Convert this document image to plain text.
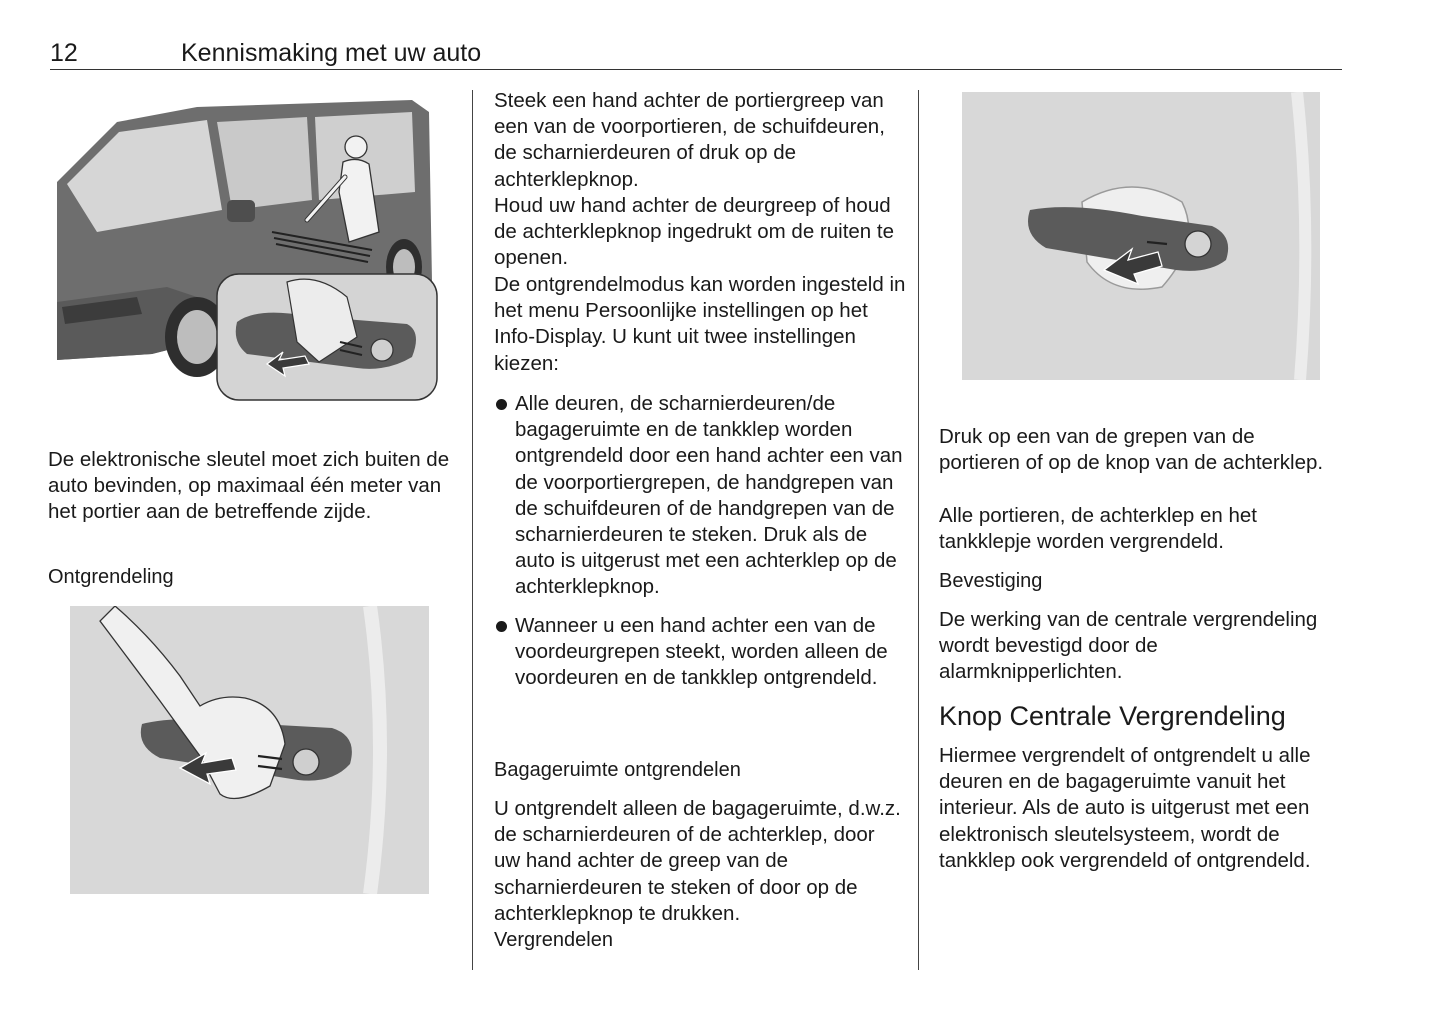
12	Kennismaking met uw auto

De elektronische sleutel moet zich buiten de auto bevinden, op maximaal één meter van het portier aan de betreffende zijde.

Ontgrendeling

Steek een hand achter de portiergreep van een van de voorportieren, de schuifdeuren, de scharnierdeuren of druk op de achterklepknop.

Houd uw hand achter de deurgreep of houd de achterklepknop ingedrukt om de ruiten te openen.

De ontgrendelmodus kan worden ingesteld in het menu Persoonlijke instellingen op het Info-Display. U kunt uit twee instellingen kiezen:

Alle deuren, de scharnierdeuren/de bagageruimte en de tankklep worden ontgrendeld door een hand achter een van de voorportiergrepen, de handgrepen van de schuifdeuren of de handgrepen van de scharnierdeuren te steken. Druk als de auto is uitgerust met een achterklep op de achterklepknop.
Wanneer u een hand achter een van de voordeurgrepen steekt, worden alleen de voordeuren en de tankklep ontgrendeld.

Bagageruimte ontgrendelen

U ontgrendelt alleen de bagageruimte, d.w.z. de scharnierdeuren of de achterklep, door uw hand achter de greep van de scharnierdeuren te steken of door op de achterklepknop te drukken.

Vergrendelen

Druk op een van de grepen van de portieren of op de knop van de achterklep.

Alle portieren, de achterklep en het tankklepje worden vergrendeld.

Bevestiging

De werking van de centrale vergrendeling wordt bevestigd door de alarmknipperlichten.

Knop Centrale Vergrendeling

Hiermee vergrendelt of ontgrendelt u alle deuren en de bagageruimte vanuit het interieur. Als de auto is uitgerust met een elektronisch sleutelsysteem, wordt de tankklep ook vergrendeld of ontgrendeld.
